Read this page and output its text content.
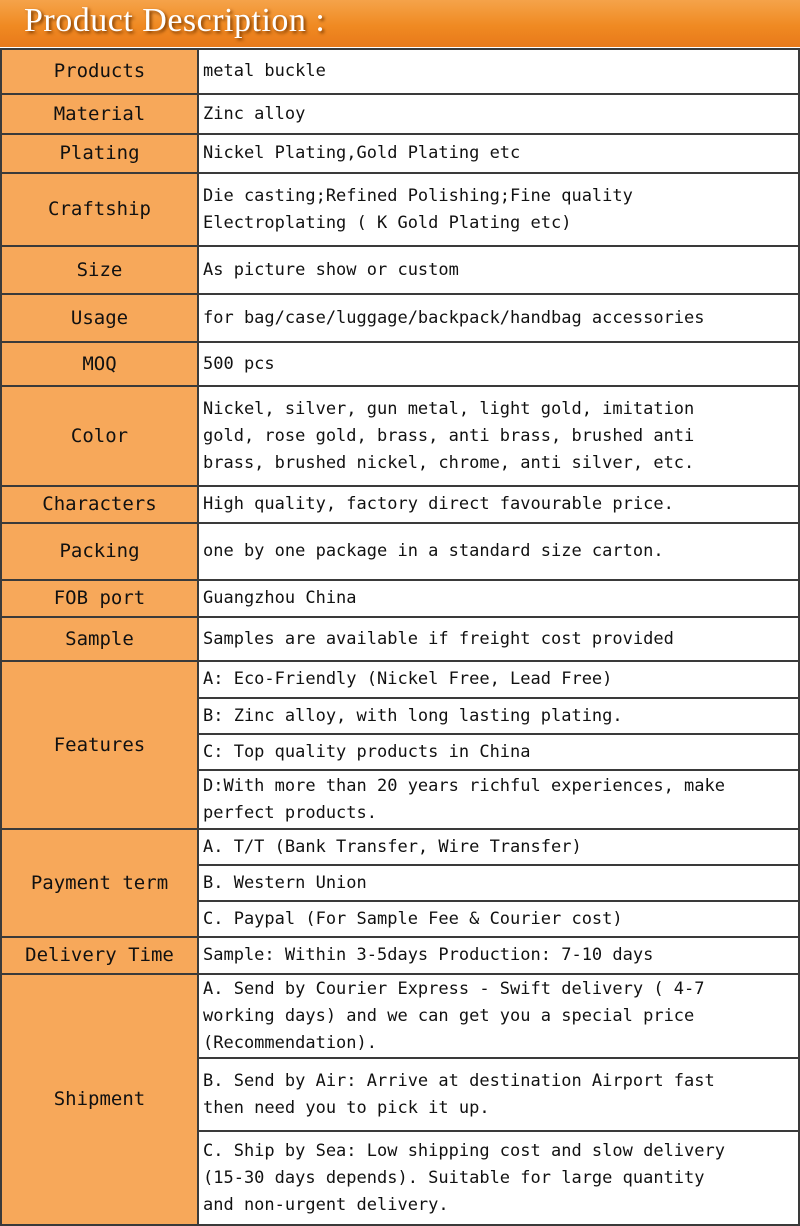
Product Description :
Products	metal buckle

Material	Zinc alloy

Plating	Nickel Plating,Gold Plating etc

Craftship	Die casting;Refined Polishing;Fine quality
Electroplating ( K Gold Plating etc)

Size	As picture show or custom

Usage	for bag/case/luggage/backpack/handbag accessories

MOQ	500 pcs

Color	Nickel, silver, gun metal, light gold, imitation
gold, rose gold, brass, anti brass, brushed anti
brass, brushed nickel, chrome, anti silver, etc.

Characters	High quality, factory direct favourable price.

Packing	one by one package in a standard size carton.

FOB port	Guangzhou China

Sample	Samples are available if freight cost provided

Features	A: Eco-Friendly (Nickel Free, Lead Free)

	B: Zinc alloy, with long lasting plating.

	C: Top quality products in China

	D:With more than 20 years richful experiences, make
perfect products.

Payment term	A. T/T (Bank Transfer, Wire Transfer)

	B. Western Union

	C. Paypal (For Sample Fee & Courier cost)

Delivery Time	Sample: Within 3-5days Production: 7-10 days

Shipment	A. Send by Courier Express - Swift delivery ( 4-7
working days) and we can get you a special price
(Recommendation).

	B. Send by Air: Arrive at destination Airport fast
then need you to pick it up.

	C. Ship by Sea: Low shipping cost and slow delivery
(15-30 days depends). Suitable for large quantity
and non-urgent delivery.
